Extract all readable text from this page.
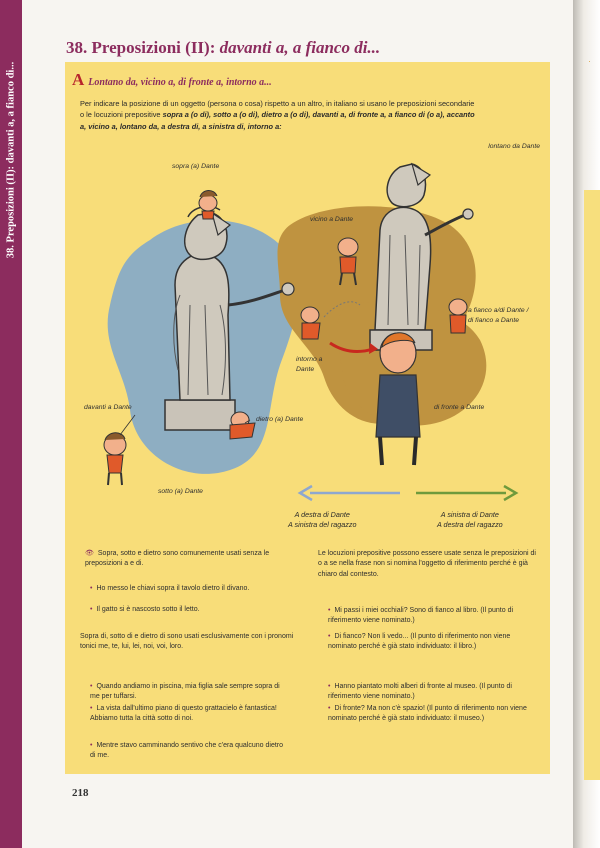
38. Preposizioni (II): davanti a, a fianco di...
38. Preposizioni (II): davanti a, a fianco di...
A Lontano da, vicino a, di fronte a, intorno a...
Per indicare la posizione di un oggetto (persona o cosa) rispetto a un altro, in italiano si usano le preposizioni secondarie o le locuzioni prepositive sopra a (o di), sotto a (o di), dietro a (o di), davanti a, di fronte a, a fianco di (o a), accanto a, vicino a, lontano da, a destra di, a sinistra di, intorno a:
sopra (a) Dante
lontano da Dante
vicino a Dante
intorno a Dante
davanti a Dante
dietro (a) Dante
a fianco a/di Dante / di fianco a Dante
di fronte a Dante
sotto (a) Dante
A destra di Dante
A sinistra del ragazzo
A sinistra di Dante
A destra del ragazzo
👁 Sopra, sotto e dietro sono comunemente usati senza le preposizioni a e di.
• Ho messo le chiavi sopra il tavolo dietro il divano.
• Il gatto si è nascosto sotto il letto.
Sopra di, sotto di e dietro di sono usati esclusivamente con i pronomi tonici me, te, lui, lei, noi, voi, loro.
• Quando andiamo in piscina, mia figlia sale sempre sopra di me per tuffarsi.
• La vista dall'ultimo piano di questo grattacielo è fantastica! Abbiamo tutta la città sotto di noi.
• Mentre stavo camminando sentivo che c'era qualcuno dietro di me.
Le locuzioni prepositive possono essere usate senza le preposizioni di o a se nella frase non si nomina l'oggetto di riferimento perché è già chiaro dal contesto.
• Mi passi i miei occhiali? Sono di fianco al libro. (Il punto di riferimento viene nominato.)
• Di fianco? Non li vedo... (Il punto di riferimento non viene nominato perché è già stato individuato: il libro.)
• Hanno piantato molti alberi di fronte al museo. (Il punto di riferimento viene nominato.)
• Di fronte? Ma non c'è spazio! (Il punto di riferimento non viene nominato perché è già stato individuato: il museo.)
218
·
